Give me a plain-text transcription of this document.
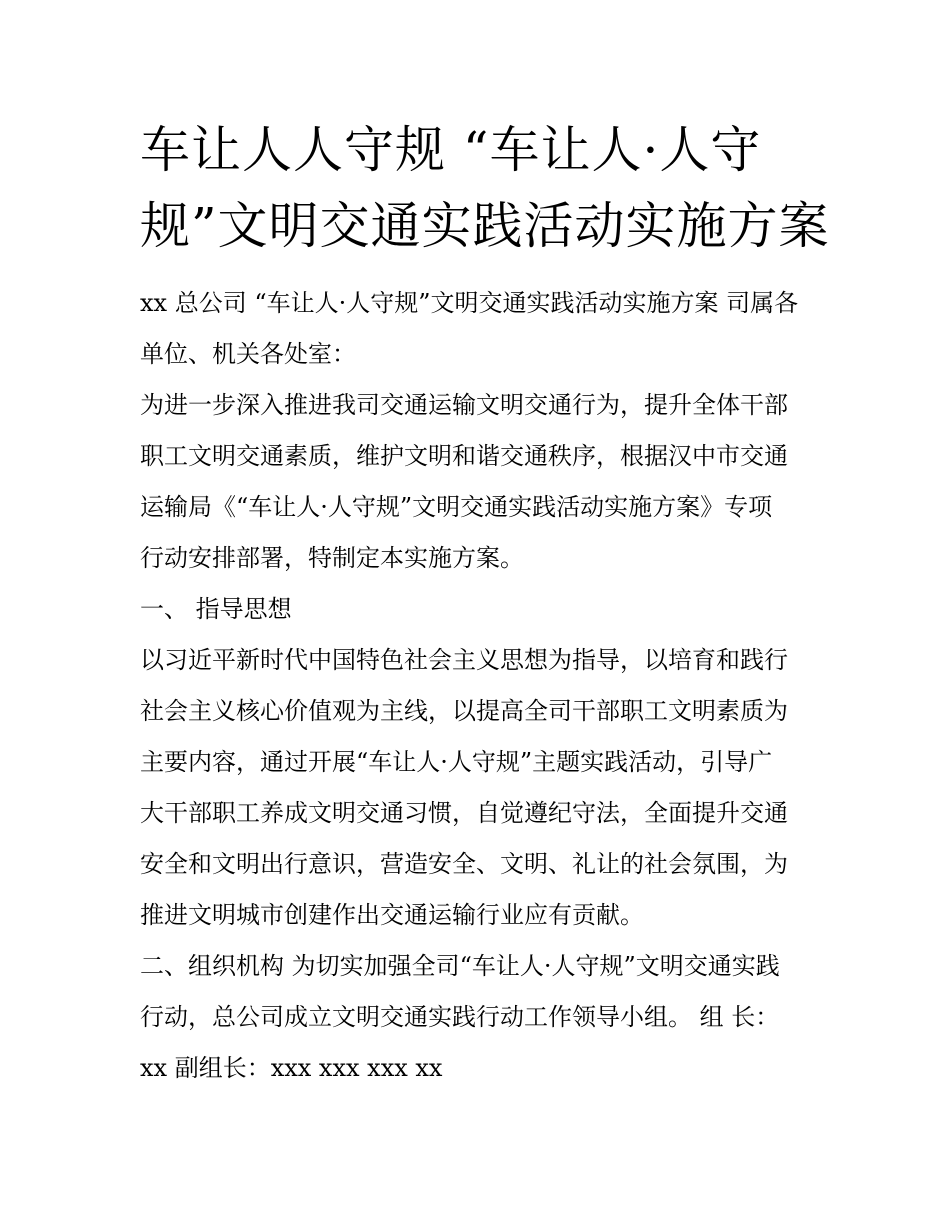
车让人人守规 “车让人·人守
规”文明交通实践活动实施方案
xx 总公司 “车让人·人守规”文明交通实践活动实施方案 司属各
单位、机关各处室：
为进一步深入推进我司交通运输文明交通行为，提升全体干部
职工文明交通素质，维护文明和谐交通秩序，根据汉中市交通
运输局《“车让人·人守规”文明交通实践活动实施方案》专项
行动安排部署，特制定本实施方案。
一、 指导思想
以习近平新时代中国特色社会主义思想为指导，以培育和践行
社会主义核心价值观为主线，以提高全司干部职工文明素质为
主要内容，通过开展“车让人·人守规”主题实践活动，引导广
大干部职工养成文明交通习惯，自觉遵纪守法，全面提升交通
安全和文明出行意识，营造安全、文明、礼让的社会氛围，为
推进文明城市创建作出交通运输行业应有贡献。
二、组织机构 为切实加强全司“车让人·人守规”文明交通实践
行动，总公司成立文明交通实践行动工作领导小组。 组 长：
xx 副组长：xxx xxx xxx xx
